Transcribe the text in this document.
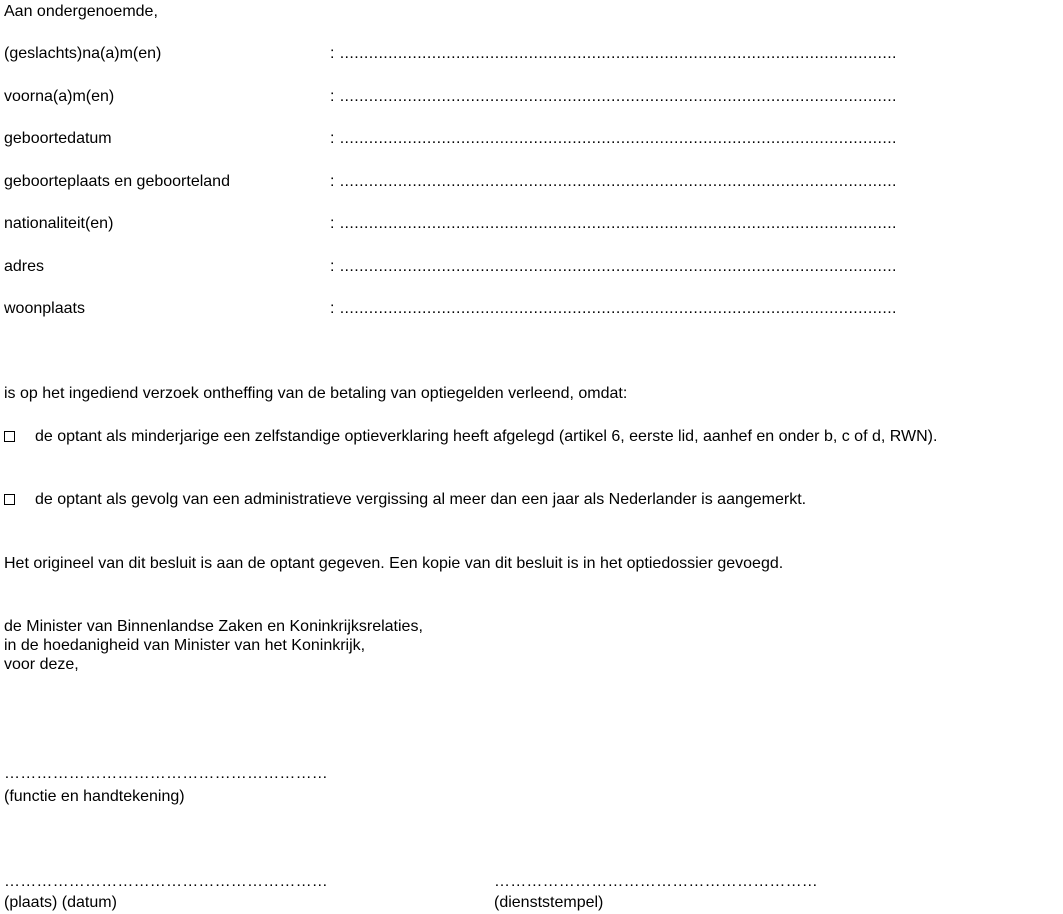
Aan ondergenoemde,
(geslachts)na(a)m(en)	: ...................................................................................................................
voorna(a)m(en)	: ...................................................................................................................
geboortedatum	: ...................................................................................................................
geboorteplaats en geboorteland	: ...................................................................................................................
nationaliteit(en)	: ...................................................................................................................
adres	: ...................................................................................................................
woonplaats	: ...................................................................................................................
is op het ingediend verzoek ontheffing van de betaling van optiegelden verleend, omdat:
de optant als minderjarige een zelfstandige optieverklaring heeft afgelegd (artikel 6, eerste lid, aanhef en onder b, c of d, RWN).
de optant als gevolg van een administratieve vergissing al meer dan een jaar als Nederlander is aangemerkt.
Het origineel van dit besluit is aan de optant gegeven. Een kopie van dit besluit is in het optiedossier gevoegd.
de Minister van Binnenlandse Zaken en Koninkrijksrelaties,
in de hoedanigheid van Minister van het Koninkrijk,
voor deze,
……………………………………………………
(functie en handtekening)
……………………………………………………
(plaats) (datum)
……………………………………………………
(dienststempel)
